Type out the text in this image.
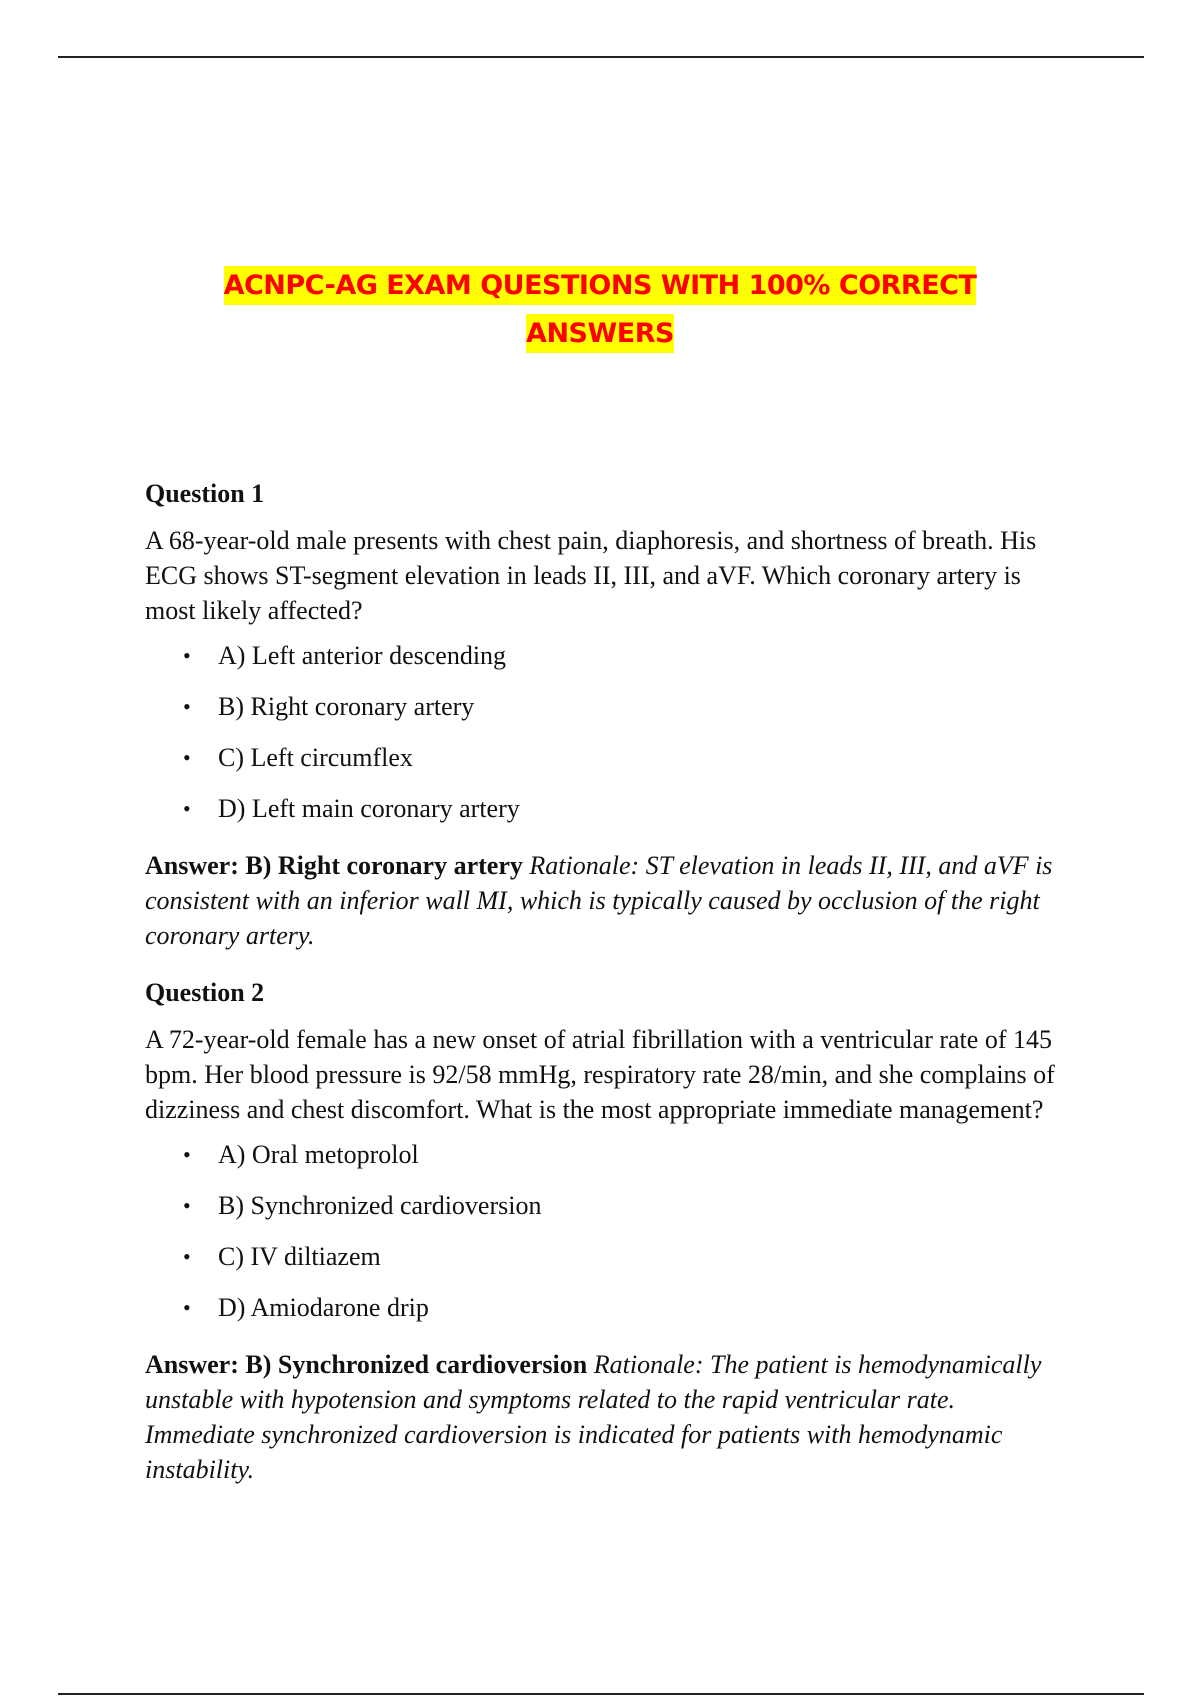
ACNPC-AG EXAM QUESTIONS WITH 100% CORRECT
ANSWERS
Question 1
A 68-year-old male presents with chest pain, diaphoresis, and shortness of breath. His ECG shows ST-segment elevation in leads II, III, and aVF. Which coronary artery is most likely affected?
• A) Left anterior descending
• B) Right coronary artery
• C) Left circumflex
• D) Left main coronary artery
Answer: B) Right coronary artery Rationale: ST elevation in leads II, III, and aVF is consistent with an inferior wall MI, which is typically caused by occlusion of the right coronary artery.
Question 2
A 72-year-old female has a new onset of atrial fibrillation with a ventricular rate of 145 bpm. Her blood pressure is 92/58 mmHg, respiratory rate 28/min, and she complains of dizziness and chest discomfort. What is the most appropriate immediate management?
• A) Oral metoprolol
• B) Synchronized cardioversion
• C) IV diltiazem
• D) Amiodarone drip
Answer: B) Synchronized cardioversion Rationale: The patient is hemodynamically unstable with hypotension and symptoms related to the rapid ventricular rate. Immediate synchronized cardioversion is indicated for patients with hemodynamic instability.
